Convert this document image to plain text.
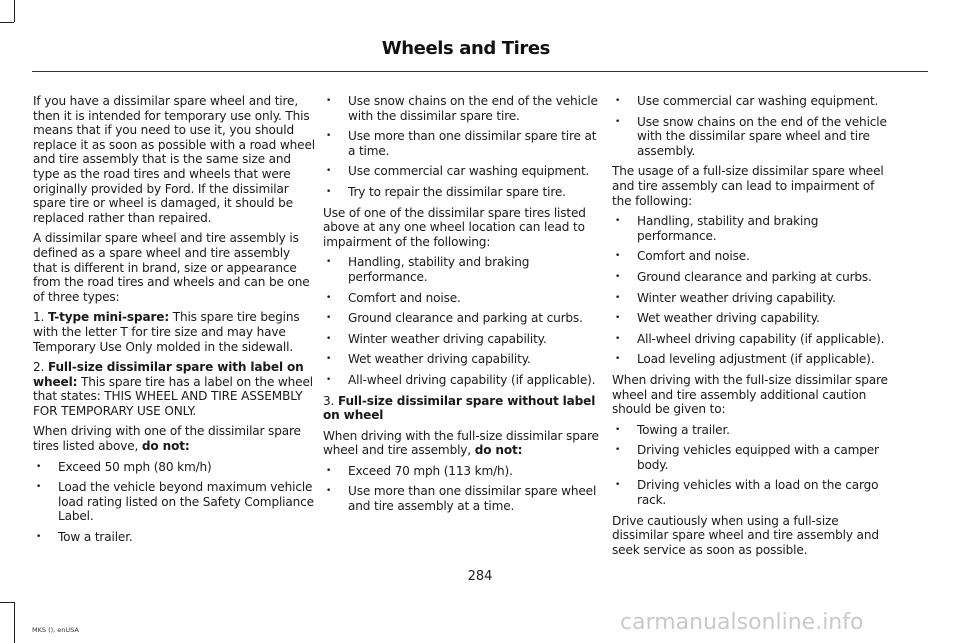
Wheels and Tires

If you have a dissimilar spare wheel and tire, then it is intended for temporary use only. This means that if you need to use it, you should replace it as soon as possible with a road wheel and tire assembly that is the same size and type as the road tires and wheels that were originally provided by Ford. If the dissimilar spare tire or wheel is damaged, it should be replaced rather than repaired.

A dissimilar spare wheel and tire assembly is defined as a spare wheel and tire assembly that is different in brand, size or appearance from the road tires and wheels and can be one of three types:

1. T-type mini-spare: This spare tire begins with the letter T for tire size and may have Temporary Use Only molded in the sidewall.

2. Full-size dissimilar spare with label on wheel: This spare tire has a label on the wheel that states: THIS WHEEL AND TIRE ASSEMBLY FOR TEMPORARY USE ONLY.

When driving with one of the dissimilar spare tires listed above, do not:

• Exceed 50 mph (80 km/h)
• Load the vehicle beyond maximum vehicle load rating listed on the Safety Compliance Label.
• Tow a trailer.
• Use snow chains on the end of the vehicle with the dissimilar spare tire.
• Use more than one dissimilar spare tire at a time.
• Use commercial car washing equipment.
• Try to repair the dissimilar spare tire.

Use of one of the dissimilar spare tires listed above at any one wheel location can lead to impairment of the following:

• Handling, stability and braking performance.
• Comfort and noise.
• Ground clearance and parking at curbs.
• Winter weather driving capability.
• Wet weather driving capability.
• All-wheel driving capability (if applicable).

3. Full-size dissimilar spare without label on wheel

When driving with the full-size dissimilar spare wheel and tire assembly, do not:

• Exceed 70 mph (113 km/h).
• Use more than one dissimilar spare wheel and tire assembly at a time.
• Use commercial car washing equipment.
• Use snow chains on the end of the vehicle with the dissimilar spare wheel and tire assembly.

The usage of a full-size dissimilar spare wheel and tire assembly can lead to impairment of the following:

• Handling, stability and braking performance.
• Comfort and noise.
• Ground clearance and parking at curbs.
• Winter weather driving capability.
• Wet weather driving capability.
• All-wheel driving capability (if applicable).
• Load leveling adjustment (if applicable).

When driving with the full-size dissimilar spare wheel and tire assembly additional caution should be given to:

• Towing a trailer.
• Driving vehicles equipped with a camper body.
• Driving vehicles with a load on the cargo rack.

Drive cautiously when using a full-size dissimilar spare wheel and tire assembly and seek service as soon as possible.

284
MKS (), enUSA	carmanualsonline.info
